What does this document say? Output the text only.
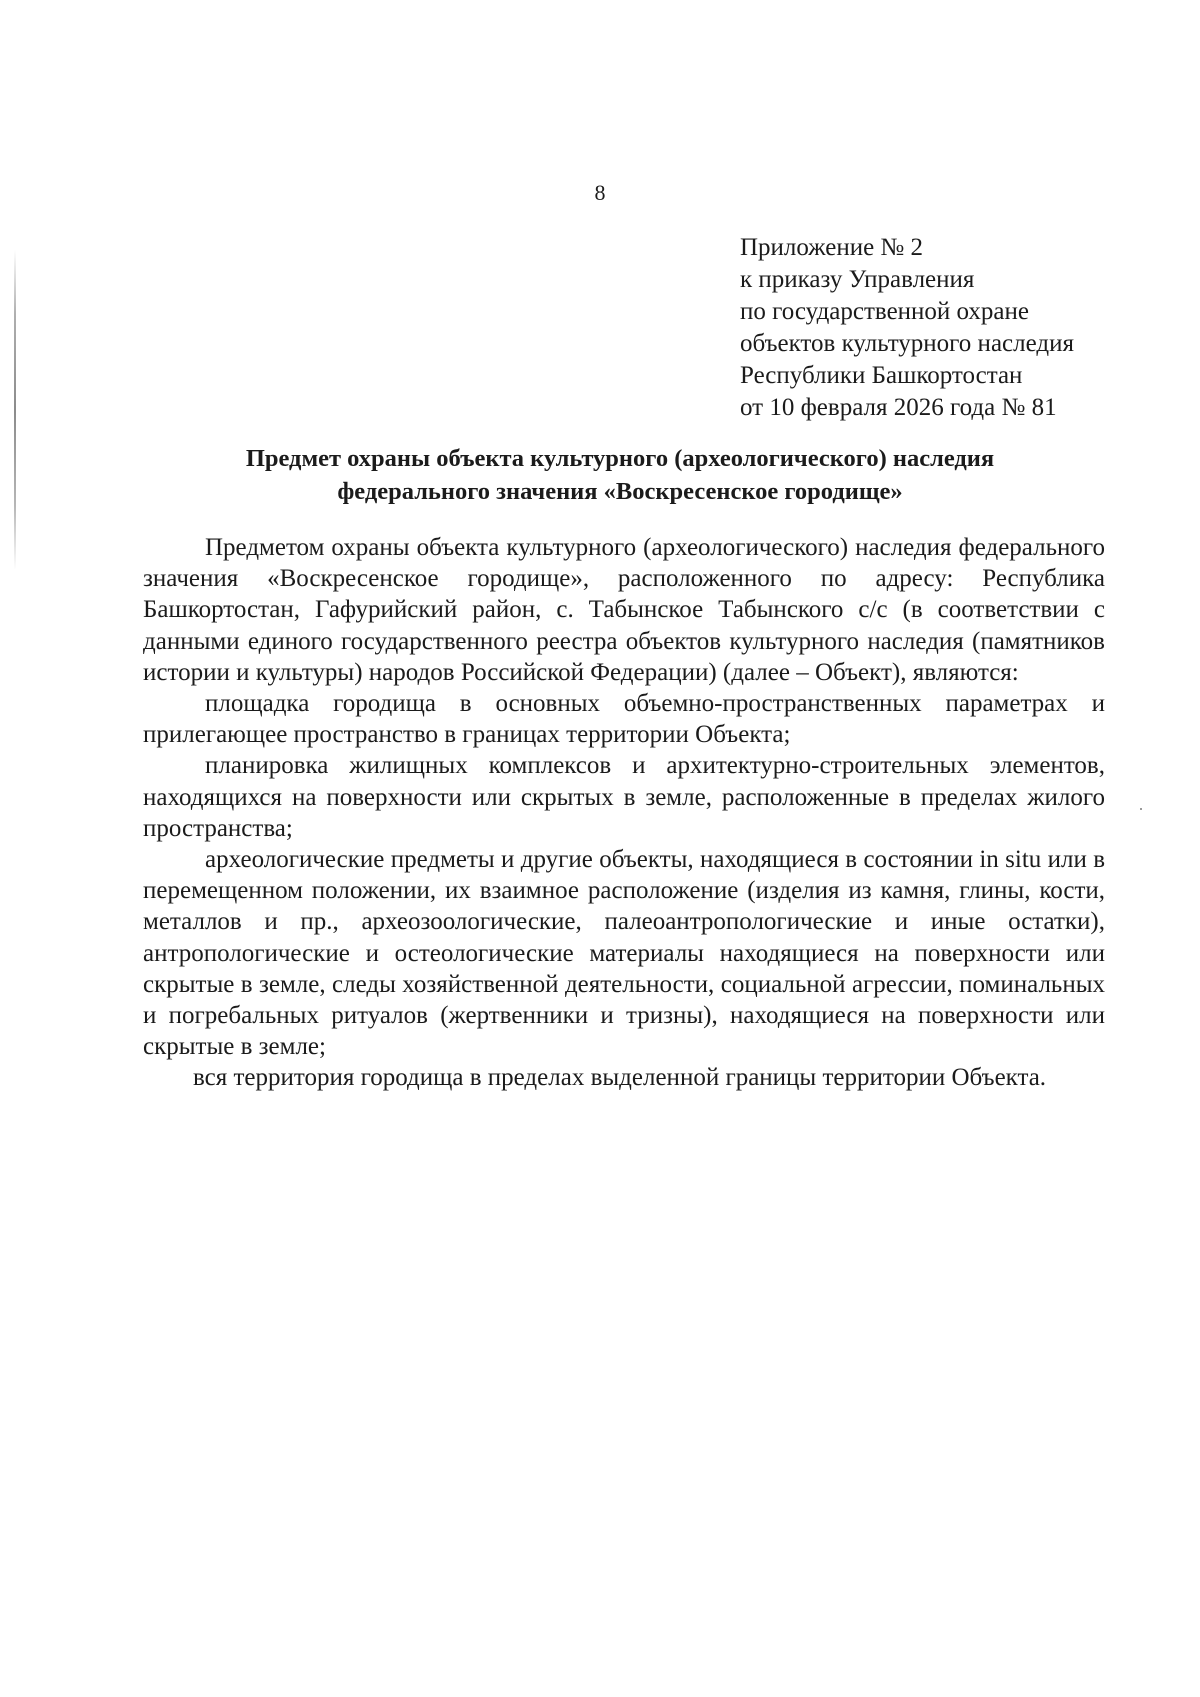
8
Приложение № 2
к приказу Управления
по государственной охране
объектов культурного наследия
Республики Башкортостан
от 10 февраля 2026 года № 81
Предмет охраны объекта культурного (археологического) наследия
федерального значения «Воскресенское городище»

Предметом охраны объекта культурного (археологического) наследия федерального значения «Воскресенское городище», расположенного по адресу: Республика Башкортостан, Гафурийский район, с. Табынское Табынского с/с (в соответствии с данными единого государственного реестра объектов культурного наследия (памятников истории и культуры) народов Российской Федерации) (далее – Объект), являются:

площадка городища в основных объемно-пространственных параметрах и прилегающее пространство в границах территории Объекта;

планировка жилищных комплексов и архитектурно-строительных элементов, находящихся на поверхности или скрытых в земле, расположенные в пределах жилого пространства;

археологические предметы и другие объекты, находящиеся в состоянии in situ или в перемещенном положении, их взаимное расположение (изделия из камня, глины, кости, металлов и пр., археозоологические, палеоантропологические и иные остатки), антропологические и остеологические материалы находящиеся на поверхности или скрытые в земле, следы хозяйственной деятельности, социальной агрессии, поминальных и погребальных ритуалов (жертвенники и тризны), находящиеся на поверхности или скрытые в земле;

вся территория городища в пределах выделенной границы территории Объекта.
